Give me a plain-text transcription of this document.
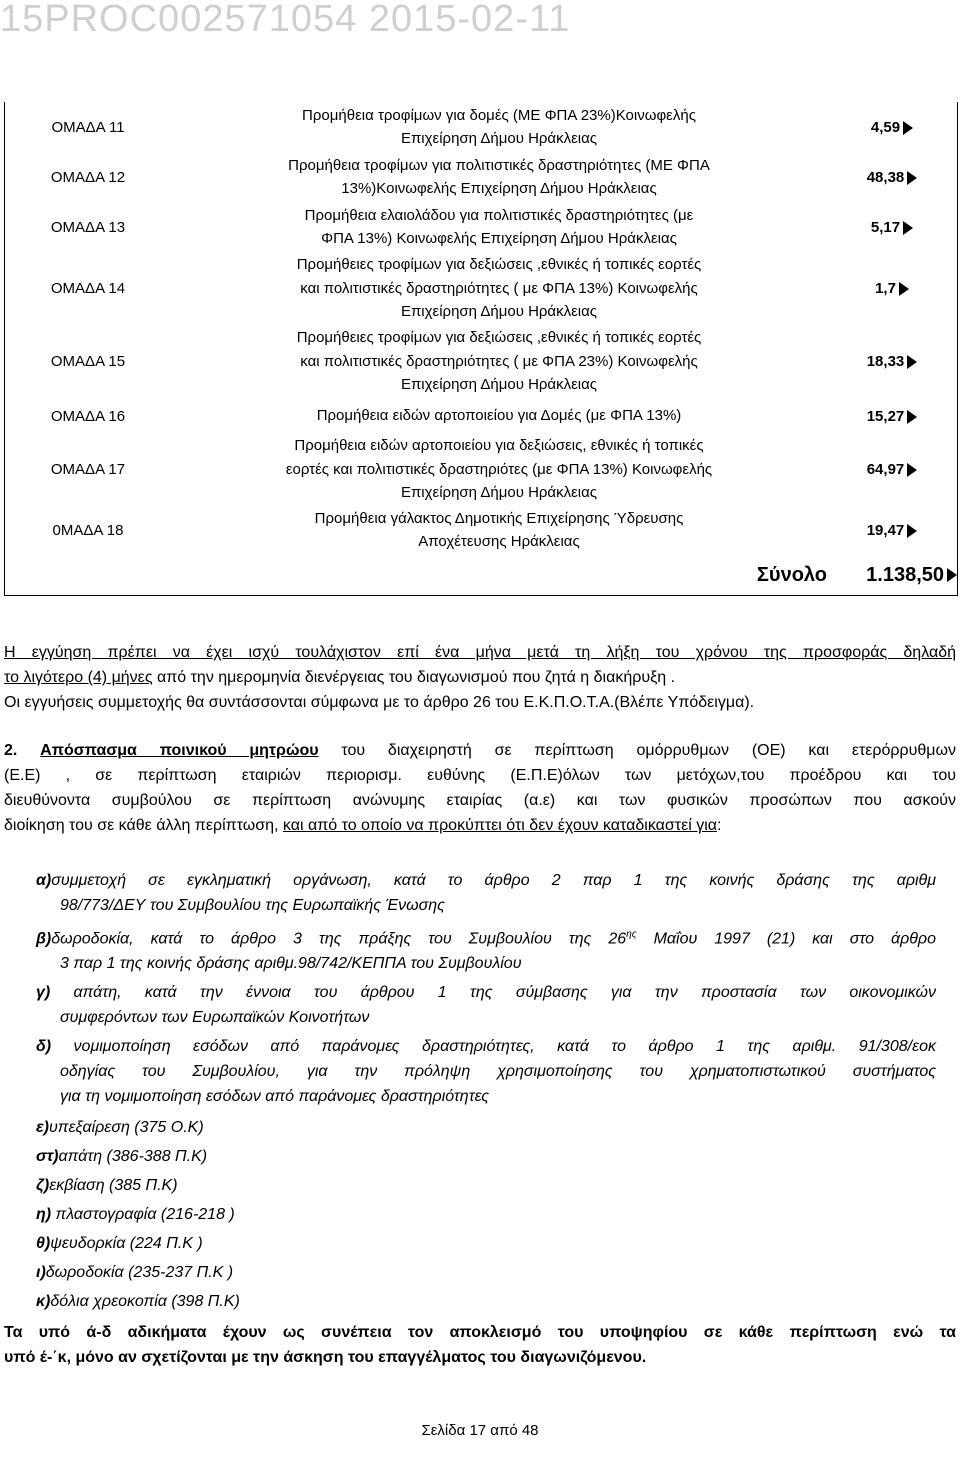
15PROC002571054 2015-02-11
ΟΜΑΔΑ 11	Προμήθεια τροφίμων για δομές (ΜΕ ΦΠΑ 23%)Κοινωφελής
Επιχείρηση Δήμου Ηράκλειας	4,59
ΟΜΑΔΑ 12	Προμήθεια τροφίμων για πολιτιστικές δραστηριότητες (ΜΕ ΦΠΑ
13%)Κοινωφελής Επιχείρηση Δήμου Ηράκλειας	48,38
ΟΜΑΔΑ 13	Προμήθεια ελαιολάδου για πολιτιστικές δραστηριότητες (με
ΦΠΑ 13%) Κοινωφελής Επιχείρηση Δήμου Ηράκλειας	5,17
ΟΜΑΔΑ 14	Προμήθειες τροφίμων για δεξιώσεις ,εθνικές ή τοπικές εορτές
και πολιτιστικές δραστηριότητες ( με ΦΠΑ 13%) Κοινωφελής
Επιχείρηση Δήμου Ηράκλειας	1,7
ΟΜΑΔΑ 15	Προμήθειες τροφίμων για δεξιώσεις ,εθνικές ή τοπικές εορτές
και πολιτιστικές δραστηριότητες ( με ΦΠΑ 23%) Κοινωφελής
Επιχείρηση Δήμου Ηράκλειας	18,33
ΟΜΑΔΑ 16	Προμήθεια ειδών αρτοποιείου για Δομές (με ΦΠΑ 13%)	15,27
ΟΜΑΔΑ 17	Προμήθεια ειδών αρτοποιείου για δεξιώσεις, εθνικές ή τοπικές
εορτές και πολιτιστικές δραστηριότες (με ΦΠΑ 13%) Κοινωφελής
Επιχείρηση Δήμου Ηράκλειας	64,97
0ΜΑΔΑ 18	Προμήθεια γάλακτος Δημοτικής Επιχείρησης Ύδρευσης
Αποχέτευσης Ηράκλειας	19,47
	Σύνολο	1.138,50
Η εγγύηση πρέπει να έχει ισχύ τουλάχιστον επί ένα μήνα μετά τη λήξη του χρόνου της προσφοράς δηλαδή
το λιγότερο (4) μήνες από την ημερομηνία διενέργειας του διαγωνισμού που ζητά η διακήρυξη .
Οι εγγυήσεις συμμετοχής θα συντάσσονται σύμφωνα με το άρθρο 26 του Ε.Κ.Π.Ο.Τ.Α.(Βλέπε Υπόδειγμα).
2. Απόσπασμα ποινικού μητρώου του διαχειρηστή σε περίπτωση ομόρρυθμων (ΟΕ) και ετερόρρυθμων
(Ε.Ε) , σε περίπτωση εταιριών περιορισμ. ευθύνης (Ε.Π.Ε)όλων των μετόχων,του προέδρου και του
διευθύνοντα συμβούλου σε περίπτωση ανώνυμης εταιρίας (α.ε) και των φυσικών προσώπων που ασκούν
διοίκηση του σε κάθε άλλη περίπτωση, και από το οποίο να προκύπτει ότι δεν έχουν καταδικαστεί για:
α)συμμετοχή σε εγκληματική οργάνωση, κατά το άρθρο 2 παρ 1 της κοινής δράσης της αριθμ
98/773/ΔΕΥ του Συμβουλίου της Ευρωπαϊκής Ένωσης
β)δωροδοκία, κατά το άρθρο 3 της πράξης του Συμβουλίου της $26^{\eta\varsigma}$ Μαΐου 1997 (21) και στο άρθρο
3 παρ 1 της κοινής δράσης αριθμ.98/742/ΚΕΠΠΑ του Συμβουλίου
γ) απάτη, κατά την έννοια του άρθρου 1 της σύμβασης για την προστασία των οικονομικών
συμφερόντων των Ευρωπαϊκών Κοινοτήτων
δ) νομιμοποίηση εσόδων από παράνομες δραστηριότητες, κατά το άρθρο 1 της αριθμ. 91/308/εοκ
οδηγίας του Συμβουλίου, για την πρόληψη χρησιμοποίησης του χρηματοπιστωτικού συστήματος
για τη νομιμοποίηση εσόδων από παράνομες δραστηριότητες
ε)υπεξαίρεση (375 Ο.Κ)
στ)απάτη (386-388 Π.Κ)
ζ)εκβίαση (385 Π.Κ)
η) πλαστογραφία (216-218 )
θ)ψευδορκία (224 Π.Κ )
ι)δωροδοκία (235-237 Π.Κ )
κ)δόλια χρεοκοπία (398 Π.Κ)
Τα υπό ά-δ αδικήματα έχουν ως συνέπεια τον αποκλεισμό του υποψηφίου σε κάθε περίπτωση ενώ τα
υπό έ-΄κ, μόνο αν σχετίζονται με την άσκηση του επαγγέλματος του διαγωνιζόμενου.
Σελίδα 17 από 48
